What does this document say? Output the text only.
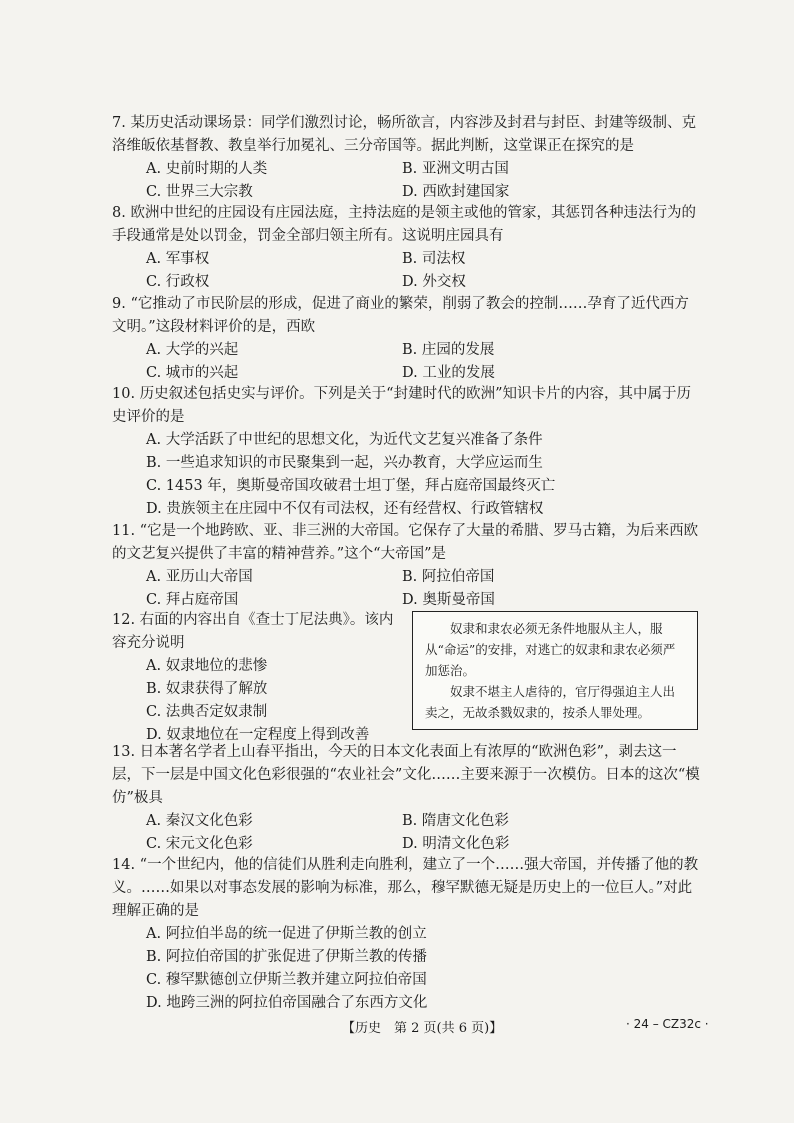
7. 某历史活动课场景：同学们激烈讨论，畅所欲言，内容涉及封君与封臣、封建等级制、克洛维皈依基督教、教皇举行加冕礼、三分帝国等。据此判断，这堂课正在探究的是

A. 史前时期的人类	B. 亚洲文明古国
C. 世界三大宗教	D. 西欧封建国家

8. 欧洲中世纪的庄园设有庄园法庭，主持法庭的是领主或他的管家，其惩罚各种违法行为的手段通常是处以罚金，罚金全部归领主所有。这说明庄园具有

A. 军事权	B. 司法权
C. 行政权	D. 外交权

9. “它推动了市民阶层的形成，促进了商业的繁荣，削弱了教会的控制……孕育了近代西方文明。”这段材料评价的是，西欧

A. 大学的兴起	B. 庄园的发展
C. 城市的兴起	D. 工业的发展

10. 历史叙述包括史实与评价。下列是关于“封建时代的欧洲”知识卡片的内容，其中属于历史评价的是

A. 大学活跃了中世纪的思想文化，为近代文艺复兴准备了条件
B. 一些追求知识的市民聚集到一起，兴办教育，大学应运而生
C. 1453 年，奥斯曼帝国攻破君士坦丁堡，拜占庭帝国最终灭亡
D. 贵族领主在庄园中不仅有司法权，还有经营权、行政管辖权

11. “它是一个地跨欧、亚、非三洲的大帝国。它保存了大量的希腊、罗马古籍，为后来西欧的文艺复兴提供了丰富的精神营养。”这个“大帝国”是

A. 亚历山大帝国	B. 阿拉伯帝国
C. 拜占庭帝国	D. 奥斯曼帝国

12. 右面的内容出自《查士丁尼法典》。该内容充分说明

A. 奴隶地位的悲惨
B. 奴隶获得了解放
C. 法典否定奴隶制
D. 奴隶地位在一定程度上得到改善

奴隶和隶农必须无条件地服从主人，服从“命运”的安排，对逃亡的奴隶和隶农必须严加惩治。

奴隶不堪主人虐待的，官厅得强迫主人出卖之，无故杀戮奴隶的，按杀人罪处理。

13. 日本著名学者上山春平指出，今天的日本文化表面上有浓厚的“欧洲色彩”，剥去这一层，下一层是中国文化色彩很强的“农业社会”文化……主要来源于一次模仿。日本的这次“模仿”极具

A. 秦汉文化色彩	B. 隋唐文化色彩
C. 宋元文化色彩	D. 明清文化色彩

14. “一个世纪内，他的信徒们从胜利走向胜利，建立了一个……强大帝国，并传播了他的教义。……如果以对事态发展的影响为标准，那么，穆罕默德无疑是历史上的一位巨人。”对此理解正确的是

A. 阿拉伯半岛的统一促进了伊斯兰教的创立
B. 阿拉伯帝国的扩张促进了伊斯兰教的传播
C. 穆罕默德创立伊斯兰教并建立阿拉伯帝国
D. 地跨三洲的阿拉伯帝国融合了东西方文化
【历史　第 2 页(共 6 页)】	· 24 – CZ32c ·
